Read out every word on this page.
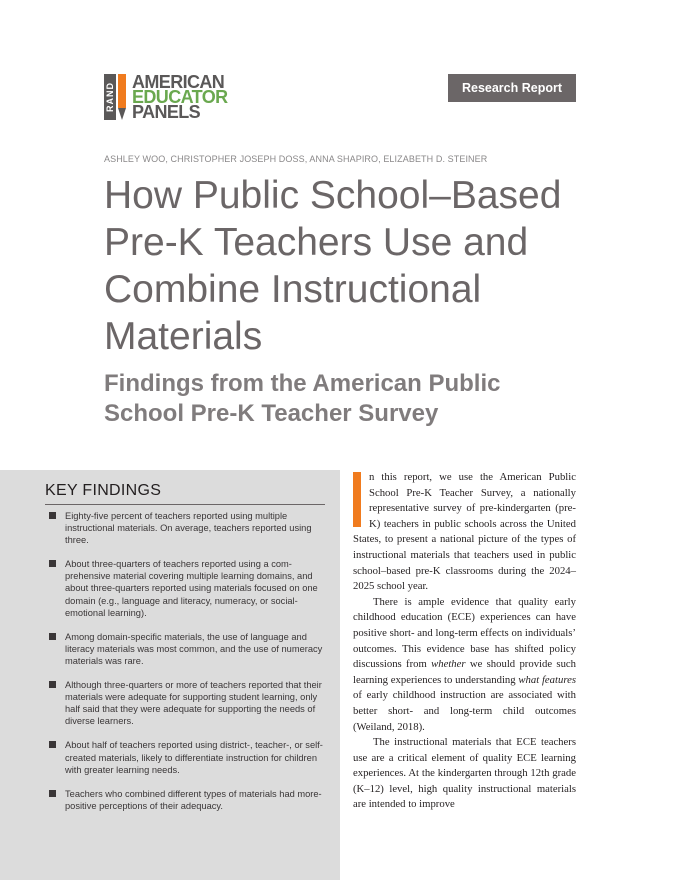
RAND AMERICAN
EDUCATOR
PANELS
Research Report
ASHLEY WOO, CHRISTOPHER JOSEPH DOSS, ANNA SHAPIRO, ELIZABETH D. STEINER
How Public School–Based Pre-K Teachers Use and Combine Instructional Materials
Findings from the American Public School Pre-K Teacher Survey
KEY FINDINGS
Eighty-five percent of teachers reported using multiple instructional materials. On average, teachers reported using three.
About three-quarters of teachers reported using a comprehensive material covering multiple learning domains, and about three-quarters reported using materials focused on one domain (e.g., language and literacy, numeracy, or social-emotional learning).
Among domain-specific materials, the use of language and literacy materials was most common, and the use of numeracy materials was rare.
Although three-quarters or more of teachers reported that their materials were adequate for supporting student learning, only half said that they were adequate for supporting the needs of diverse learners.
About half of teachers reported using district-, teacher-, or self-created materials, likely to differentiate instruction for children with greater learning needs.
Teachers who combined different types of materials had more-positive perceptions of their adequacy.

n this report, we use the American Public School Pre-K Teacher Survey, a nationally representative survey of pre-kindergarten (pre-K) teachers in public schools across the United States, to present a national picture of the types of instructional materials that teachers used in public school–based pre-K classrooms during the 2024–2025 school year.

There is ample evidence that quality early childhood education (ECE) experiences can have positive short- and long-term effects on individuals’ outcomes. This evidence base has shifted policy discussions from whether we should provide such learning experiences to understanding what features of early childhood instruction are associated with better short- and long-term child outcomes (Weiland, 2018).

The instructional materials that ECE teachers use are a critical element of quality ECE learning experiences. At the kindergarten through 12th grade (K–12) level, high quality instructional materials are intended to improve
